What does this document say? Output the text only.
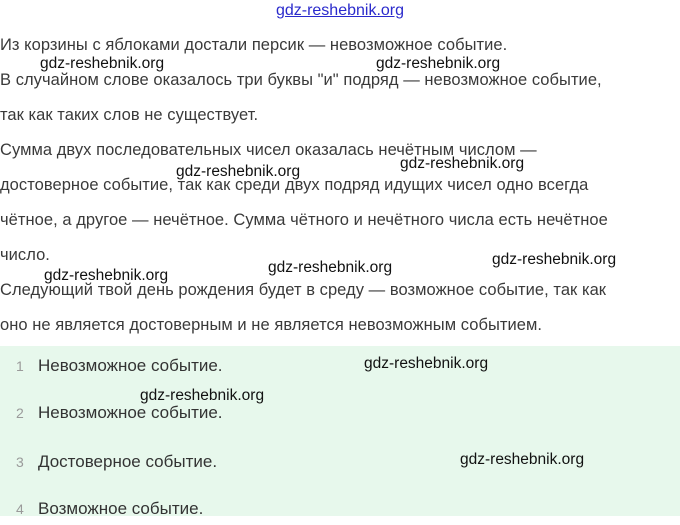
gdz-reshebnik.org
Из корзины с яблоками достали персик — невозможное событие.
В случайном слове оказалось три буквы "и" подряд — невозможное событие,
так как таких слов не существует.
Сумма двух последовательных чисел оказалась нечётным числом —
достоверное событие, так как среди двух подряд идущих чисел одно всегда
чётное, а другое — нечётное. Сумма чётного и нечётного числа есть нечётное
число.
Следующий твой день рождения будет в среду — возможное событие, так как
оно не является достоверным и не является невозможным событием.
1 Невозможное событие.
2 Невозможное событие.
3 Достоверное событие.
4 Возможное событие.
gdz-reshebnik.org	gdz-reshebnik.org
gdz-reshebnik.org
gdz-reshebnik.org
gdz-reshebnik.org
gdz-reshebnik.org
gdz-reshebnik.org
gdz-reshebnik.org
gdz-reshebnik.org
gdz-reshebnik.org
